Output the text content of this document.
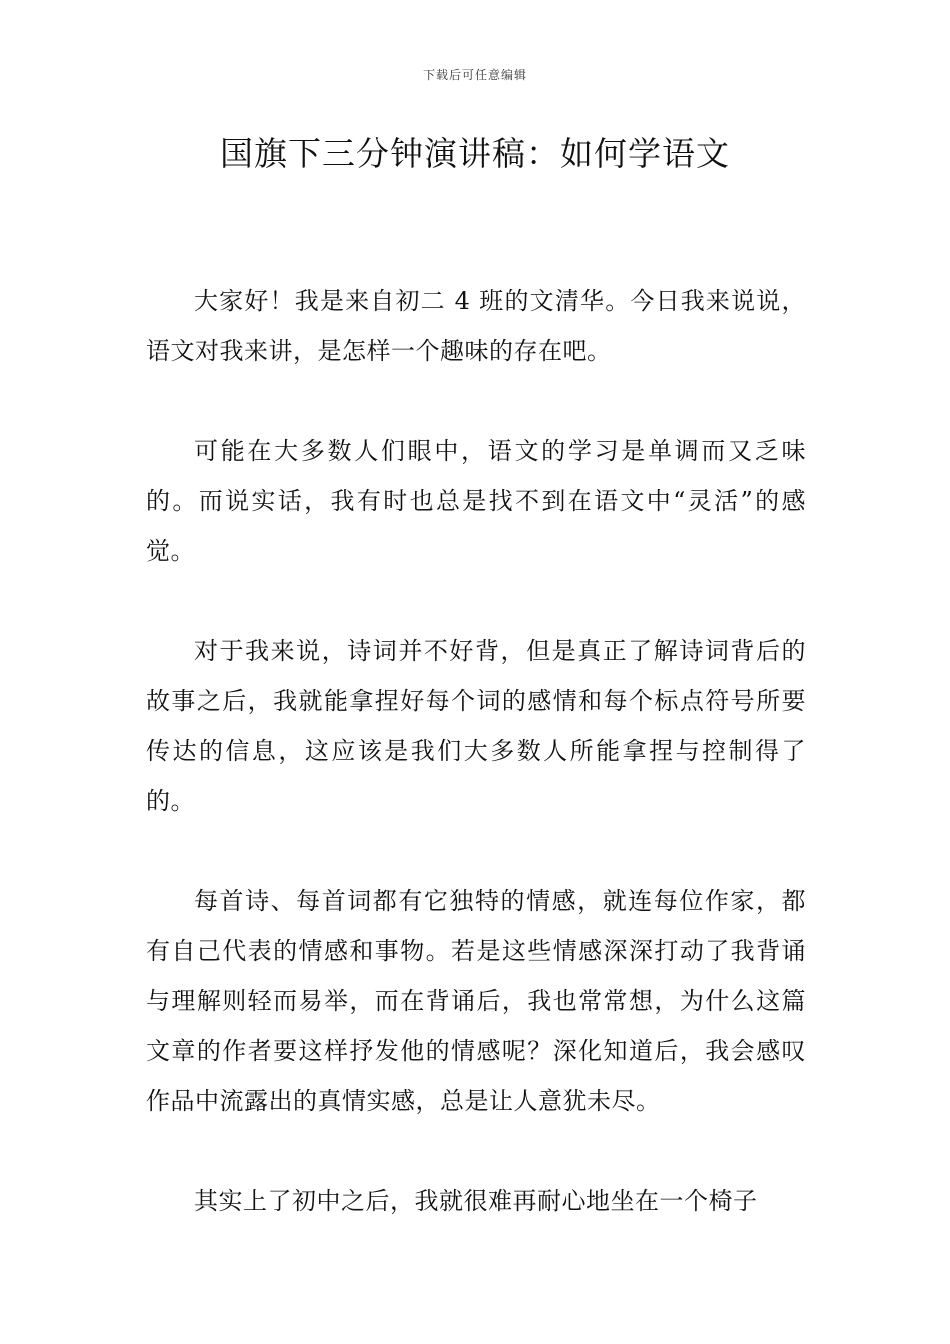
下载后可任意编辑
国旗下三分钟演讲稿：如何学语文

大家好！我是来自初二 4 班的文清华。今日我来说说，语文对我来讲，是怎样一个趣味的存在吧。

可能在大多数人们眼中，语文的学习是单调而又乏味的。而说实话，我有时也总是找不到在语文中“灵活”的感觉。

对于我来说，诗词并不好背，但是真正了解诗词背后的故事之后，我就能拿捏好每个词的感情和每个标点符号所要传达的信息，这应该是我们大多数人所能拿捏与控制得了的。

每首诗、每首词都有它独特的情感，就连每位作家，都有自己代表的情感和事物。若是这些情感深深打动了我背诵与理解则轻而易举，而在背诵后，我也常常想，为什么这篇文章的作者要这样抒发他的情感呢？深化知道后，我会感叹作品中流露出的真情实感，总是让人意犹未尽。

其实上了初中之后，我就很难再耐心地坐在一个椅子
